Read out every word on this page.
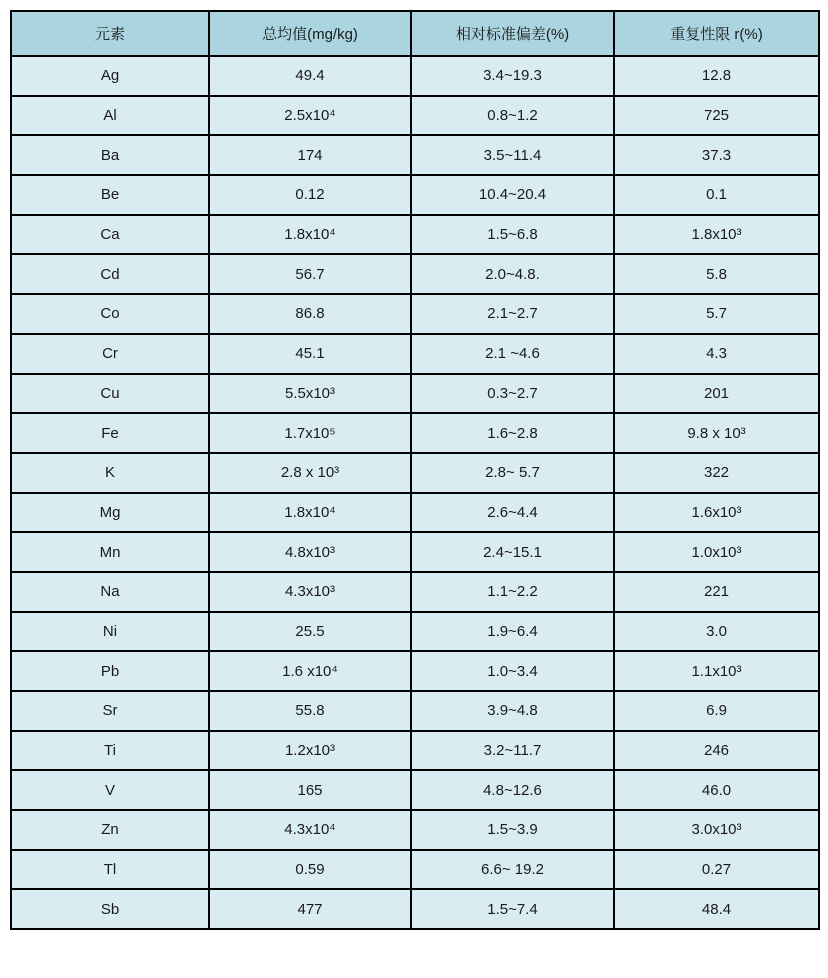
元素	总均值(mg/kg)	相对标准偏差(%)	重复性限 r(%)
Ag	49.4	3.4~19.3	12.8
Al	2.5x10⁴	0.8~1.2	725
Ba	174	3.5~11.4	37.3
Be	0.12	10.4~20.4	0.1
Ca	1.8x10⁴	1.5~6.8	1.8x10³
Cd	56.7	2.0~4.8.	5.8
Co	86.8	2.1~2.7	5.7
Cr	45.1	2.1 ~4.6	4.3
Cu	5.5x10³	0.3~2.7	201
Fe	1.7x10⁵	1.6~2.8	9.8 x 10³
K	2.8 x 10³	2.8~ 5.7	322
Mg	1.8x10⁴	2.6~4.4	1.6x10³
Mn	4.8x10³	2.4~15.1	1.0x10³
Na	4.3x10³	1.1~2.2	221
Ni	25.5	1.9~6.4	3.0
Pb	1.6 x10⁴	1.0~3.4	1.1x10³
Sr	55.8	3.9~4.8	6.9
Ti	1.2x10³	3.2~11.7	246
V	165	4.8~12.6	46.0
Zn	4.3x10⁴	1.5~3.9	3.0x10³
Tl	0.59	6.6~ 19.2	0.27
Sb	477	1.5~7.4	48.4
